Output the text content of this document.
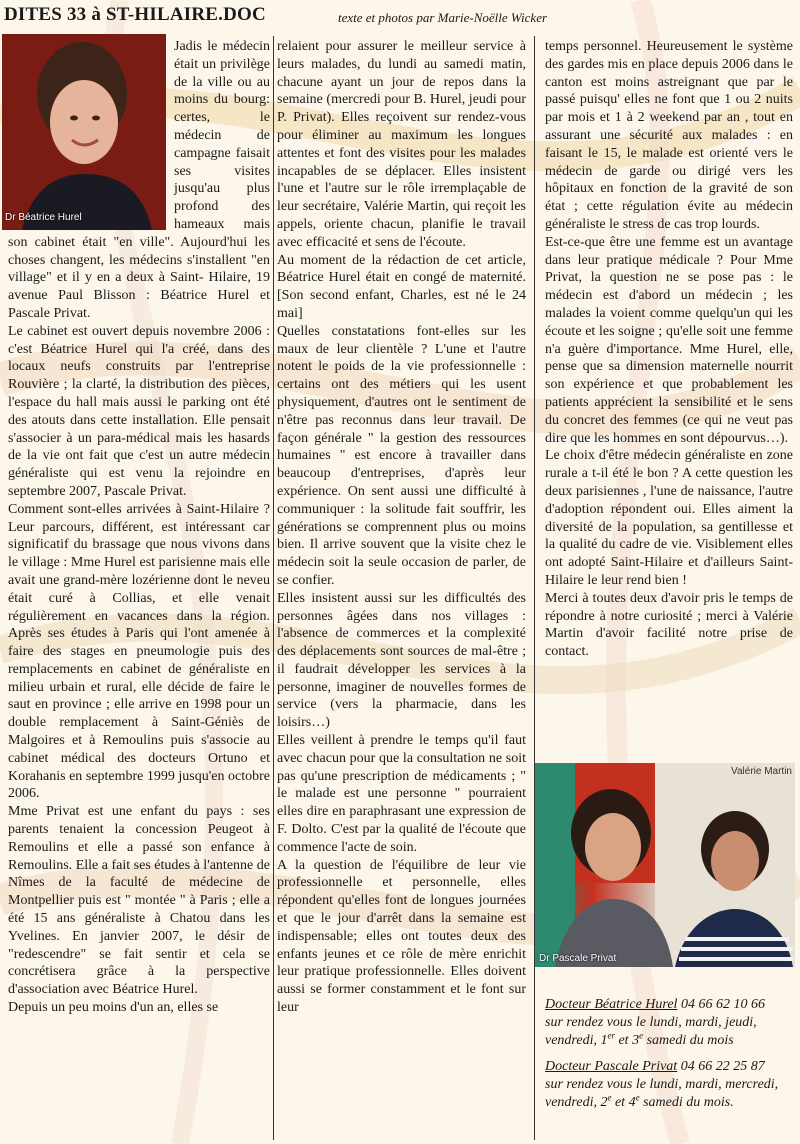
DITES 33 à ST-HILAIRE.DOC	texte et photos par Marie-Noëlle Wicker
Dr Béatrice Hurel

Jadis le médecin était un privilège de la ville ou au moins du bourg: certes, le médecin de campagne faisait ses visites jusqu'au plus profond des hameaux mais son cabinet était "en ville". Aujourd'hui les choses changent, les médecins s'installent "en village" et il y en a deux à Saint- Hilaire, 19 avenue Paul Blisson : Béatrice Hurel et Pascale Privat.

Le cabinet est ouvert depuis novembre 2006 : c'est Béatrice Hurel qui l'a créé, dans des locaux neufs construits par l'entreprise Rouvière ; la clarté, la distribution des pièces, l'espace du hall mais aussi le parking ont été des atouts dans cette installation. Elle pensait s'associer à un para-médical mais les hasards de la vie ont fait que c'est un autre médecin généraliste qui est venu la rejoindre en septembre 2007, Pascale Privat.

Comment sont-elles arrivées à Saint-Hilaire ? Leur parcours, différent, est intéressant car significatif du brassage que nous vivons dans le village : Mme Hurel est parisienne mais elle avait une grand-mère lozérienne dont le neveu était curé à Collias, et elle venait régulièrement en vacances dans la région. Après ses études à Paris qui l'ont amenée à faire des stages en pneumologie puis des remplacements en cabinet de généraliste en milieu urbain et rural, elle décide de faire le saut en province ; elle arrive en 1998 pour un double remplacement à Saint-Géniès de Malgoires et à Remoulins puis s'associe au cabinet médical des docteurs Ortuno et Korahanis en septembre 1999 jusqu'en octobre 2006.

Mme Privat est une enfant du pays : ses parents tenaient la concession Peugeot à Remoulins et elle a passé son enfance à Remoulins. Elle a fait ses études à l'antenne de Nîmes de la faculté de médecine de Montpellier puis est " montée " à Paris ; elle a été 15 ans généraliste à Chatou dans les Yvelines. En janvier 2007, le désir de "redescendre" se fait sentir et cela se concrétisera grâce à la perspective d'association avec Béatrice Hurel.

Depuis un peu moins d'un an, elles se

relaient pour assurer le meilleur service à leurs malades, du lundi au samedi matin, chacune ayant un jour de repos dans la semaine (mercredi pour B. Hurel, jeudi pour P. Privat). Elles reçoivent sur rendez-vous pour éliminer au maximum les longues attentes et font des visites pour les malades incapables de se déplacer. Elles insistent l'une et l'autre sur le rôle irremplaçable de leur secrétaire, Valérie Martin, qui reçoit les appels, oriente chacun, planifie le travail avec efficacité et sens de l'écoute.

Au moment de la rédaction de cet article, Béatrice Hurel était en congé de maternité. [Son second enfant, Charles, est né le 24 mai]

Quelles constatations font-elles sur les maux de leur clientèle ? L'une et l'autre notent le poids de la vie professionnelle : certains ont des métiers qui les usent physiquement, d'autres ont le sentiment de n'être pas reconnus dans leur travail. De façon générale " la gestion des ressources humaines " est encore à travailler dans beaucoup d'entreprises, d'après leur expérience. On sent aussi une difficulté à communiquer : la solitude fait souffrir, les générations se comprennent plus ou moins bien. Il arrive souvent que la visite chez le médecin soit la seule occasion de parler, de se confier.

Elles insistent aussi sur les difficultés des personnes âgées dans nos villages : l'absence de commerces et la complexité des déplacements sont sources de mal-être ; il faudrait développer les services à la personne, imaginer de nouvelles formes de service (vers la pharmacie, dans les loisirs…)

Elles veillent à prendre le temps qu'il faut avec chacun pour que la consultation ne soit pas qu'une prescription de médicaments ; " le malade est une personne " pourraient elles dire en paraphrasant une expression de F. Dolto. C'est par la qualité de l'écoute que commence l'acte de soin.

A la question de l'équilibre de leur vie professionnelle et personnelle, elles répondent qu'elles font de longues journées et que le jour d'arrêt dans la semaine est indispensable; elles ont toutes deux des enfants jeunes et ce rôle de mère enrichit leur pratique professionnelle. Elles doivent aussi se former constamment et le font sur leur

temps personnel. Heureusement le système des gardes mis en place depuis 2006 dans le canton est moins astreignant que par le passé puisqu' elles ne font que 1 ou 2 nuits par mois et 1 à 2 weekend par an , tout en assurant une sécurité aux malades : en faisant le 15, le malade est orienté vers le médecin de garde ou dirigé vers les hôpitaux en fonction de la gravité de son état ; cette régulation évite au médecin généraliste le stress de cas trop lourds.

Est-ce-que être une femme est un avantage dans leur pratique médicale ? Pour Mme Privat, la question ne se pose pas : le médecin est d'abord un médecin ; les malades la voient comme quelqu'un qui les écoute et les soigne ; qu'elle soit une femme n'a guère d'importance. Mme Hurel, elle, pense que sa dimension maternelle nourrit son expérience et que probablement les patients apprécient la sensibilité et le sens du concret des femmes (ce qui ne veut pas dire que les hommes en sont dépourvus…).

Le choix d'être médecin généraliste en zone rurale a t-il été le bon ? A cette question les deux parisiennes , l'une de naissance, l'autre d'adoption répondent oui. Elles aiment la diversité de la population, sa gentillesse et la qualité du cadre de vie. Visiblement elles ont adopté Saint-Hilaire et d'ailleurs Saint-Hilaire le leur rend bien !

Merci à toutes deux d'avoir pris le temps de répondre à notre curiosité ; merci à Valérie Martin d'avoir facilité notre prise de contact.

Dr Pascale Privat
Valérie Martin
Docteur Béatrice Hurel 04 66 62 10 66
sur rendez vous le lundi, mardi, jeudi, vendredi, 1er et 3e samedi du mois
Docteur Pascale Privat 04 66 22 25 87
sur rendez vous le lundi, mardi, mercredi, vendredi, 2e et 4e samedi du mois.
